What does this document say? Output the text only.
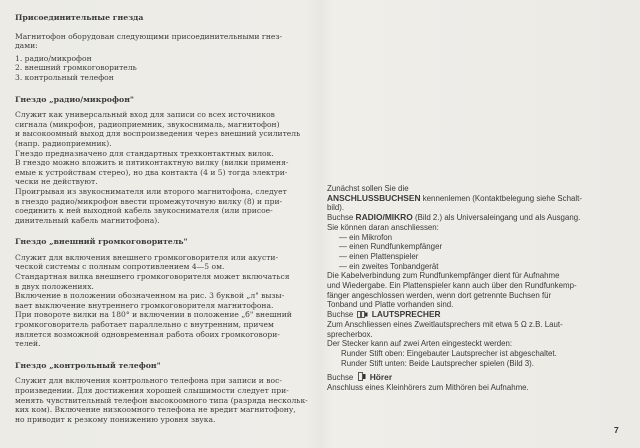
Присоединительные гнезда

Магнитофон оборудован следующими присоединительными гнез-
дами:

1. радио/микрофон
2. внешний громкоговоритель
3. контрольный телефон

Гнездо „радио/микрофон"

Служит как универсальный вход для записи со всех источников
сигнала (микрофон, радиоприемник, звукоснималь, магнитофон)
и высокоомный выход для воспроизведения через внешний усилитель
(напр. радиоприемник).

Гнездо предназначено для стандартных трехконтактных вилок.
В гнездо можно вложить и пятиконтактную вилку (вилки применя-
емые к устройствам стерео), но два контакта (4 и 5) тогда электри-
чески не действуют.

Проигрывая из звукоснимателя или второго магнитофона, следует
в гнездо радио/микрофон ввести промежуточную вилку (8) и при-
соединить к ней выходной кабель звукоснимателя (или присое-
динительный кабель магнитофона).

Гнездо „внешний громкоговоритель"

Служит для включения внешнего громкоговорителя или акусти-
ческой системы с полным сопротивлением 4—5 ом.

Стандартная вилка внешнего громкоговорителя может включаться
в двух положениях.

Включение в положении обозначенном на рис. 3 буквой „л" вызы-
вает выключение внутреннего громкоговорителя магнитофона.

При повороте вилки на 180° и включении в положение „б" внешний
громкоговоритель работает параллельно с внутренним, причем
является возможной одновременная работа обоих громкоговори-
телей.

Гнездо „контрольный телефон"

Служит для включения контрольного телефона при записи и вос-
произведении. Для достижения хорошей слышимости следует при-
менять чувствительный телефон высокоомного типа (разряда нескольк-
ких ком). Включение низкоомного телефона не вредит магнитофону,
но приводит к резкому понижению уровня звука.

Zunächst sollen Sie die

ANSCHLUSSBUCHSEN kennenlemen (Kontaktbelegung siehe Schalt-
bild).

Buchse RADIO/MIKRO (Bild 2.) als Universaleingang und als Ausgang.
Sie können daran anschliessen:

— ein Mikrofon
— einen Rundfunkempfänger
— einen Plattenspieler
— ein zweites Tonbandgerät

Die Kabelverbindung zum Rundfunkempfänger dient für Aufnahme
und Wiedergabe. Ein Plattenspieler kann auch über den Rundfunkemp-
fänger angeschlossen werden, wenn dort getrennte Buchsen für
Tonband und Platte vorhanden sind.

Buchse LAUTSPRECHER

Zum Anschliessen eines Zweitlautsprechers mit etwa 5 Ω z.B. Laut-
sprecherbox.

Der Stecker kann auf zwei Arten eingesteckt werden:

Runder Stift oben: Eingebauter Lautsprecher ist abgeschaltet.

Runder Stift unten: Beide Lautsprecher spielen (Bild 3).

Buchse Hörer

Anschluss eines Kleinhörers zum Mithören bei Aufnahme.

7
